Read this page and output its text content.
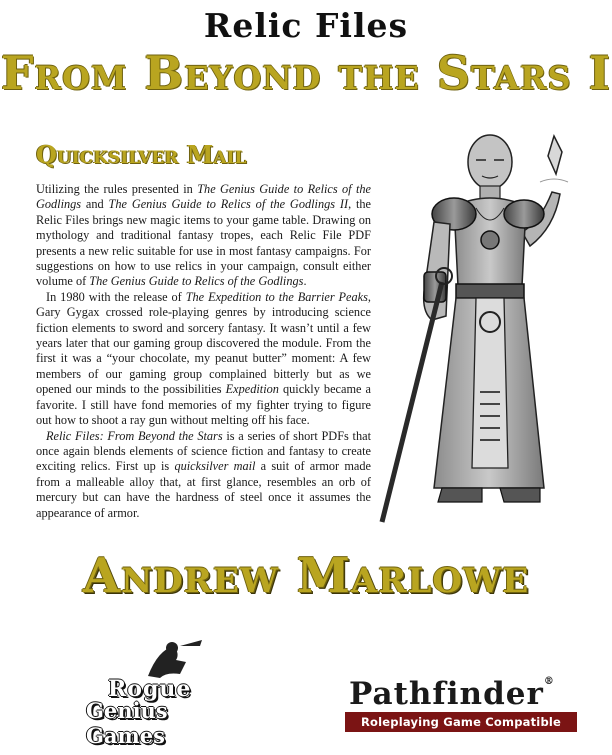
Relic Files
From Beyond the Stars I
Quicksilver Mail

Utilizing the rules presented in The Genius Guide to Relics of the Godlings and The Genius Guide to Relics of the Godlings II, the Relic Files brings new magic items to your game table. Drawing on mythology and traditional fantasy tropes, each Relic File PDF presents a new relic suitable for use in most fantasy campaigns. For suggestions on how to use relics in your campaign, consult either volume of The Genius Guide to Relics of the Godlings.

In 1980 with the release of The Expedition to the Barrier Peaks, Gary Gygax crossed role-playing genres by introducing science fiction elements to sword and sorcery fantasy. It wasn’t until a few years later that our gaming group discovered the module. From the first it was a “your chocolate, my peanut butter” moment: A few members of our gaming group complained bitterly but as we opened our minds to the possibilities Expedition quickly became a favorite. I still have fond memories of my fighter trying to figure out how to shoot a ray gun without melting off his face.

Relic Files: From Beyond the Stars is a series of short PDFs that once again blends elements of science fiction and fantasy to create exciting relics. First up is quicksilver mail a suit of armor made from a malleable alloy that, at first glance, resembles an orb of mercury but can have the hardness of steel once it assumes the appearance of armor.

Andrew Marlowe
Rogue
Genius Games
Pathfinder®
Roleplaying Game Compatible
